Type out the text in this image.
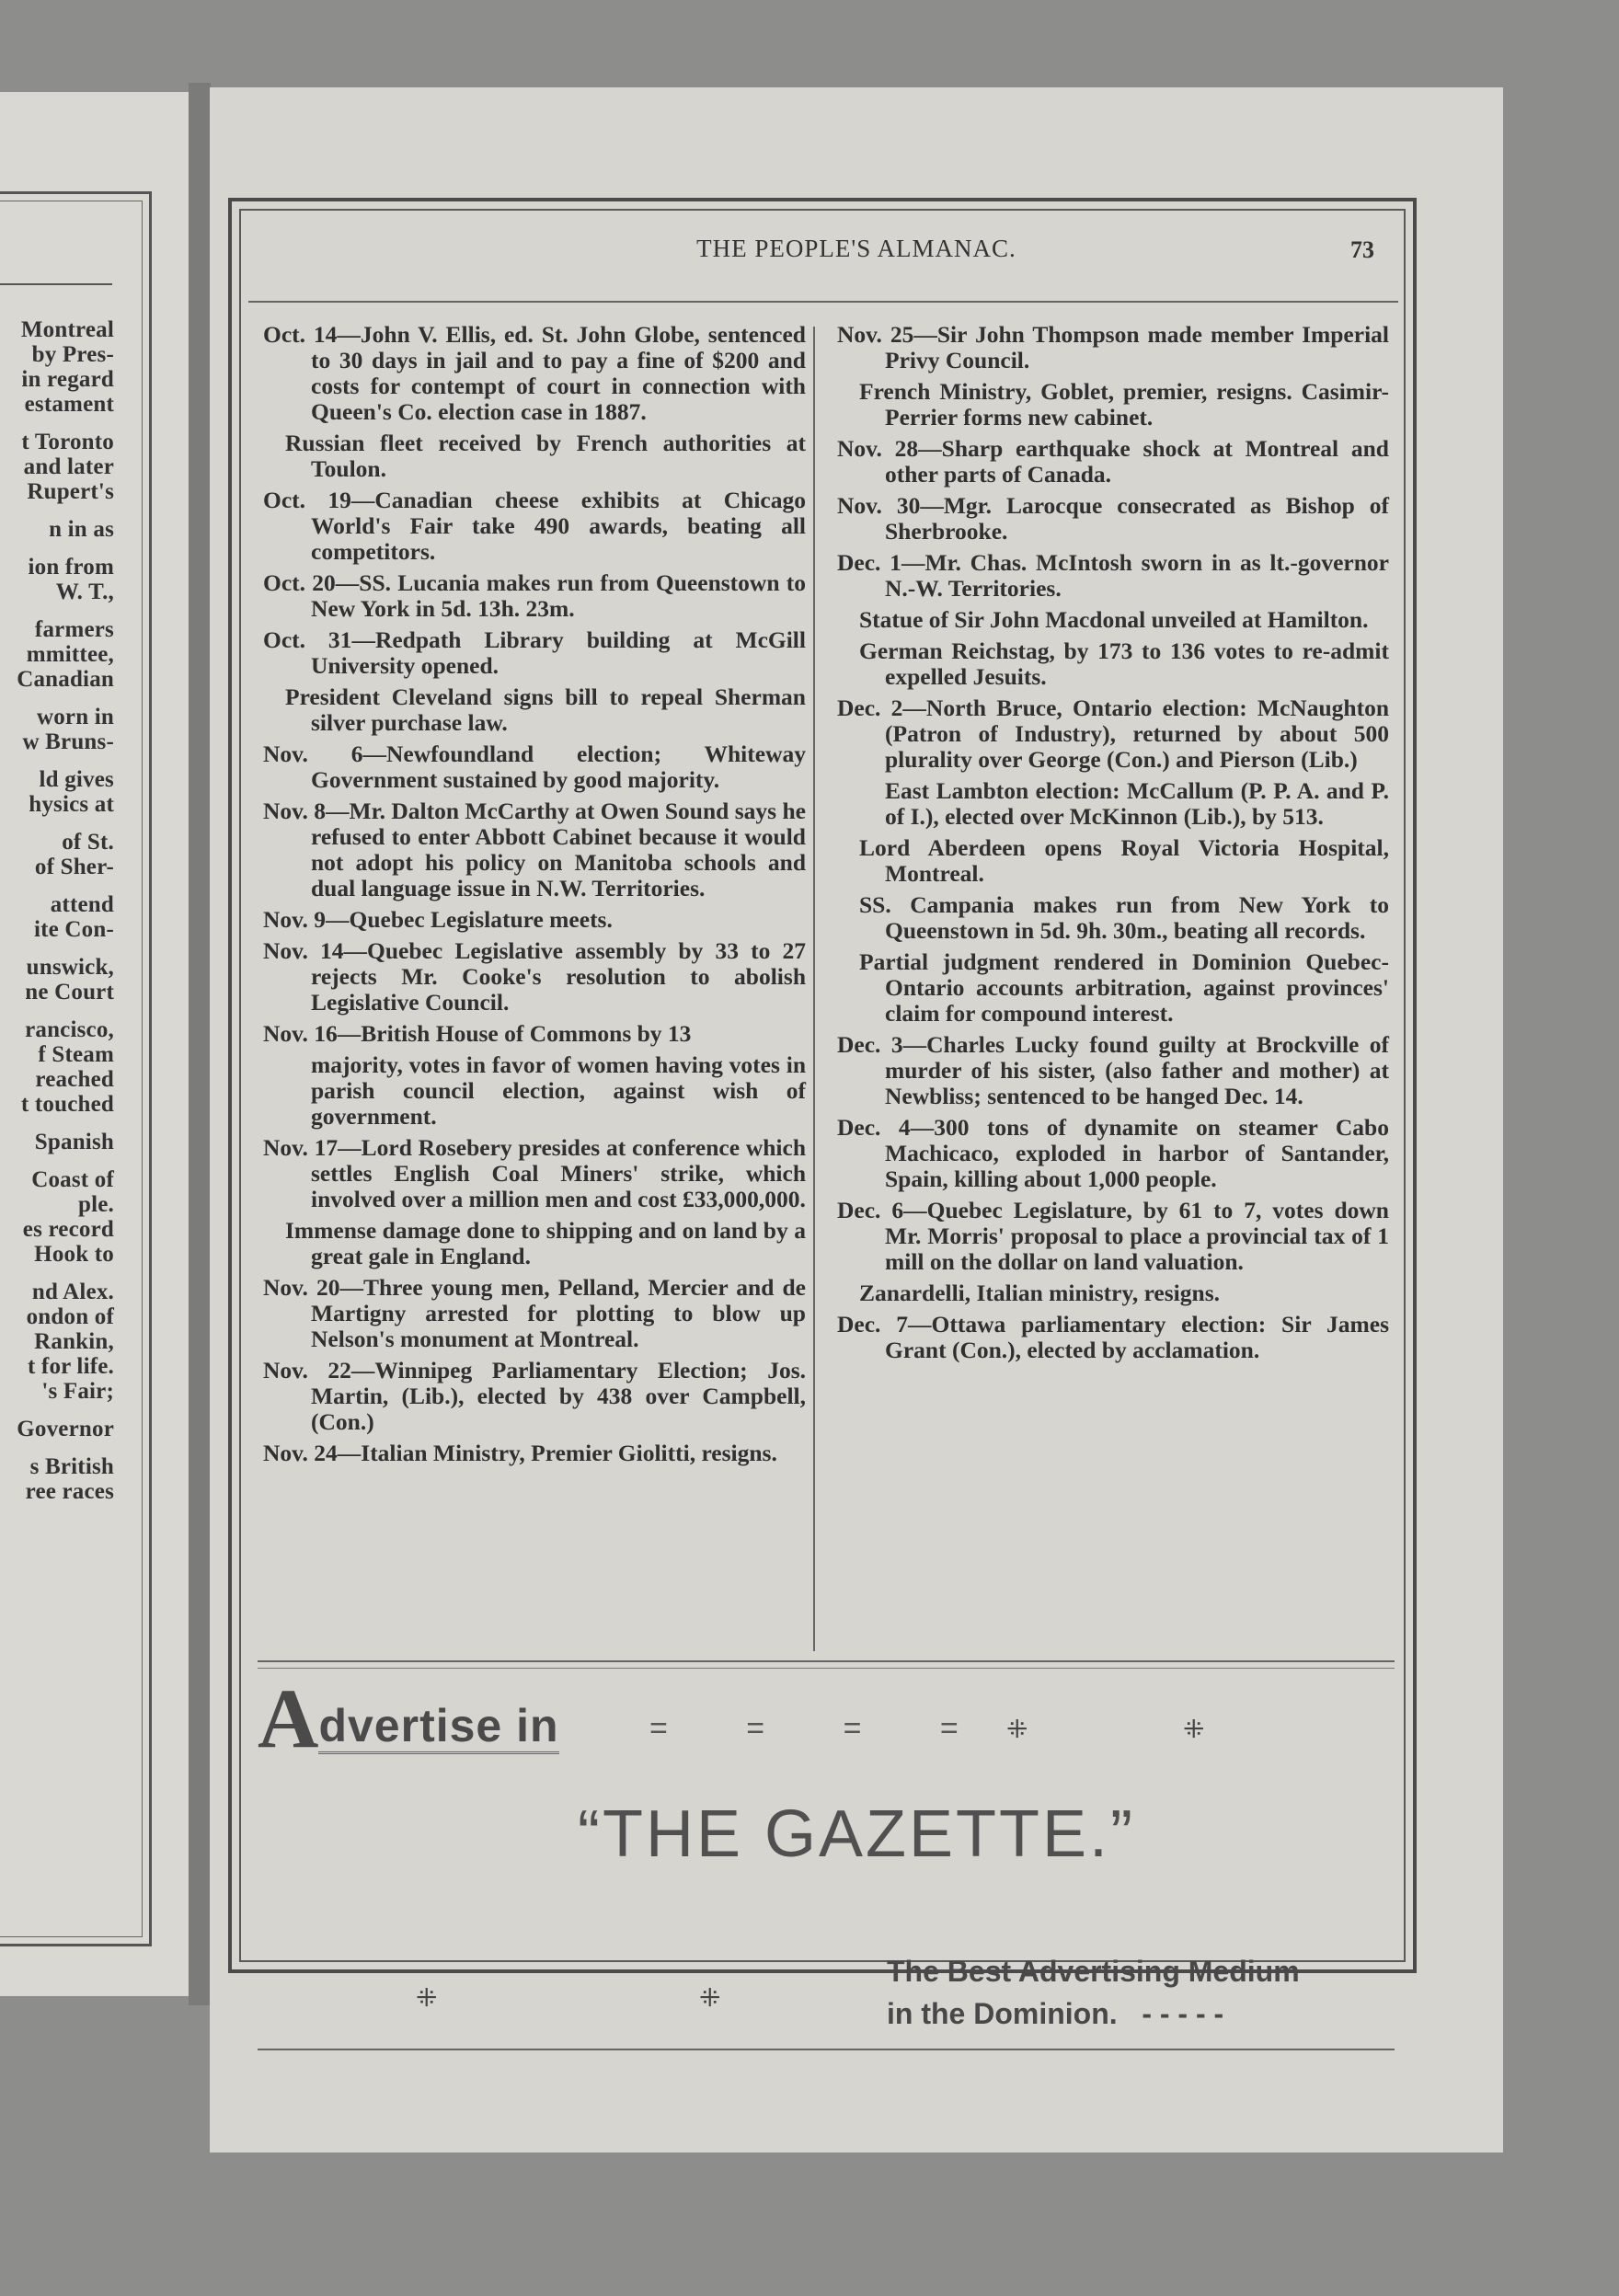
Montreal
by Pres-
in regard
estament
t Toronto
and later
Rupert's
n in as
ion from
W. T.,
farmers
mmittee,
Canadian
worn in
w Bruns-
ld gives
hysics at
of St.
of Sher-
attend
ite Con-
unswick,
ne Court
rancisco,
f Steam
reached
t touched
Spanish
Coast of
ple.
es record
Hook to
nd Alex.
ondon of
Rankin,
t for life.
's Fair;
Governor
s British
ree races
THE PEOPLE'S ALMANAC.	73
Oct. 14—John V. Ellis, ed. St. John Globe, sentenced to 30 days in jail and to pay a fine of $200 and costs for contempt of court in connection with Queen's Co. election case in 1887.
Russian fleet received by French authorities at Toulon.
Oct. 19—Canadian cheese exhibits at Chicago World's Fair take 490 awards, beating all competitors.
Oct. 20—SS. Lucania makes run from Queenstown to New York in 5d. 13h. 23m.
Oct. 31—Redpath Library building at McGill University opened.
President Cleveland signs bill to repeal Sherman silver purchase law.
Nov. 6—Newfoundland election; Whiteway Government sustained by good majority.
Nov. 8—Mr. Dalton McCarthy at Owen Sound says he refused to enter Abbott Cabinet because it would not adopt his policy on Manitoba schools and dual language issue in N.W. Territories.
Nov. 9—Quebec Legislature meets.
Nov. 14—Quebec Legislative assembly by 33 to 27 rejects Mr. Cooke's resolution to abolish Legislative Council.
Nov. 16—British House of Commons by 13
majority, votes in favor of women having votes in parish council election, against wish of government.
Nov. 17—Lord Rosebery presides at conference which settles English Coal Miners' strike, which involved over a million men and cost £33,000,000.
Immense damage done to shipping and on land by a great gale in England.
Nov. 20—Three young men, Pelland, Mercier and de Martigny arrested for plotting to blow up Nelson's monument at Montreal.
Nov. 22—Winnipeg Parliamentary Election; Jos. Martin, (Lib.), elected by 438 over Campbell, (Con.)
Nov. 24—Italian Ministry, Premier Giolitti, resigns.
Nov. 25—Sir John Thompson made member Imperial Privy Council.
French Ministry, Goblet, premier, resigns. Casimir-Perrier forms new cabinet.
Nov. 28—Sharp earthquake shock at Montreal and other parts of Canada.
Nov. 30—Mgr. Larocque consecrated as Bishop of Sherbrooke.
Dec. 1—Mr. Chas. McIntosh sworn in as lt.-governor N.-W. Territories.
Statue of Sir John Macdonal unveiled at Hamilton.
German Reichstag, by 173 to 136 votes to re-admit expelled Jesuits.
Dec. 2—North Bruce, Ontario election: McNaughton (Patron of Industry), returned by about 500 plurality over George (Con.) and Pierson (Lib.)
East Lambton election: McCallum (P. P. A. and P. of I.), elected over McKinnon (Lib.), by 513.
Lord Aberdeen opens Royal Victoria Hospital, Montreal.
SS. Campania makes run from New York to Queenstown in 5d. 9h. 30m., beating all records.
Partial judgment rendered in Dominion Quebec-Ontario accounts arbitration, against provinces' claim for compound interest.
Dec. 3—Charles Lucky found guilty at Brockville of murder of his sister, (also father and mother) at Newbliss; sentenced to be hanged Dec. 14.
Dec. 4—300 tons of dynamite on steamer Cabo Machicaco, exploded in harbor of Santander, Spain, killing about 1,000 people.
Dec. 6—Quebec Legislature, by 61 to 7, votes down Mr. Morris' proposal to place a provincial tax of 1 mill on the dollar on land valuation.
Zanardelli, Italian ministry, resigns.
Dec. 7—Ottawa parliamentary election: Sir James Grant (Con.), elected by acclamation.
Advertise in	= = = = ⁜	⁜
“THE GAZETTE.”
⁜	⁜
The Best Advertising Medium
in the Dominion. - - - - -
